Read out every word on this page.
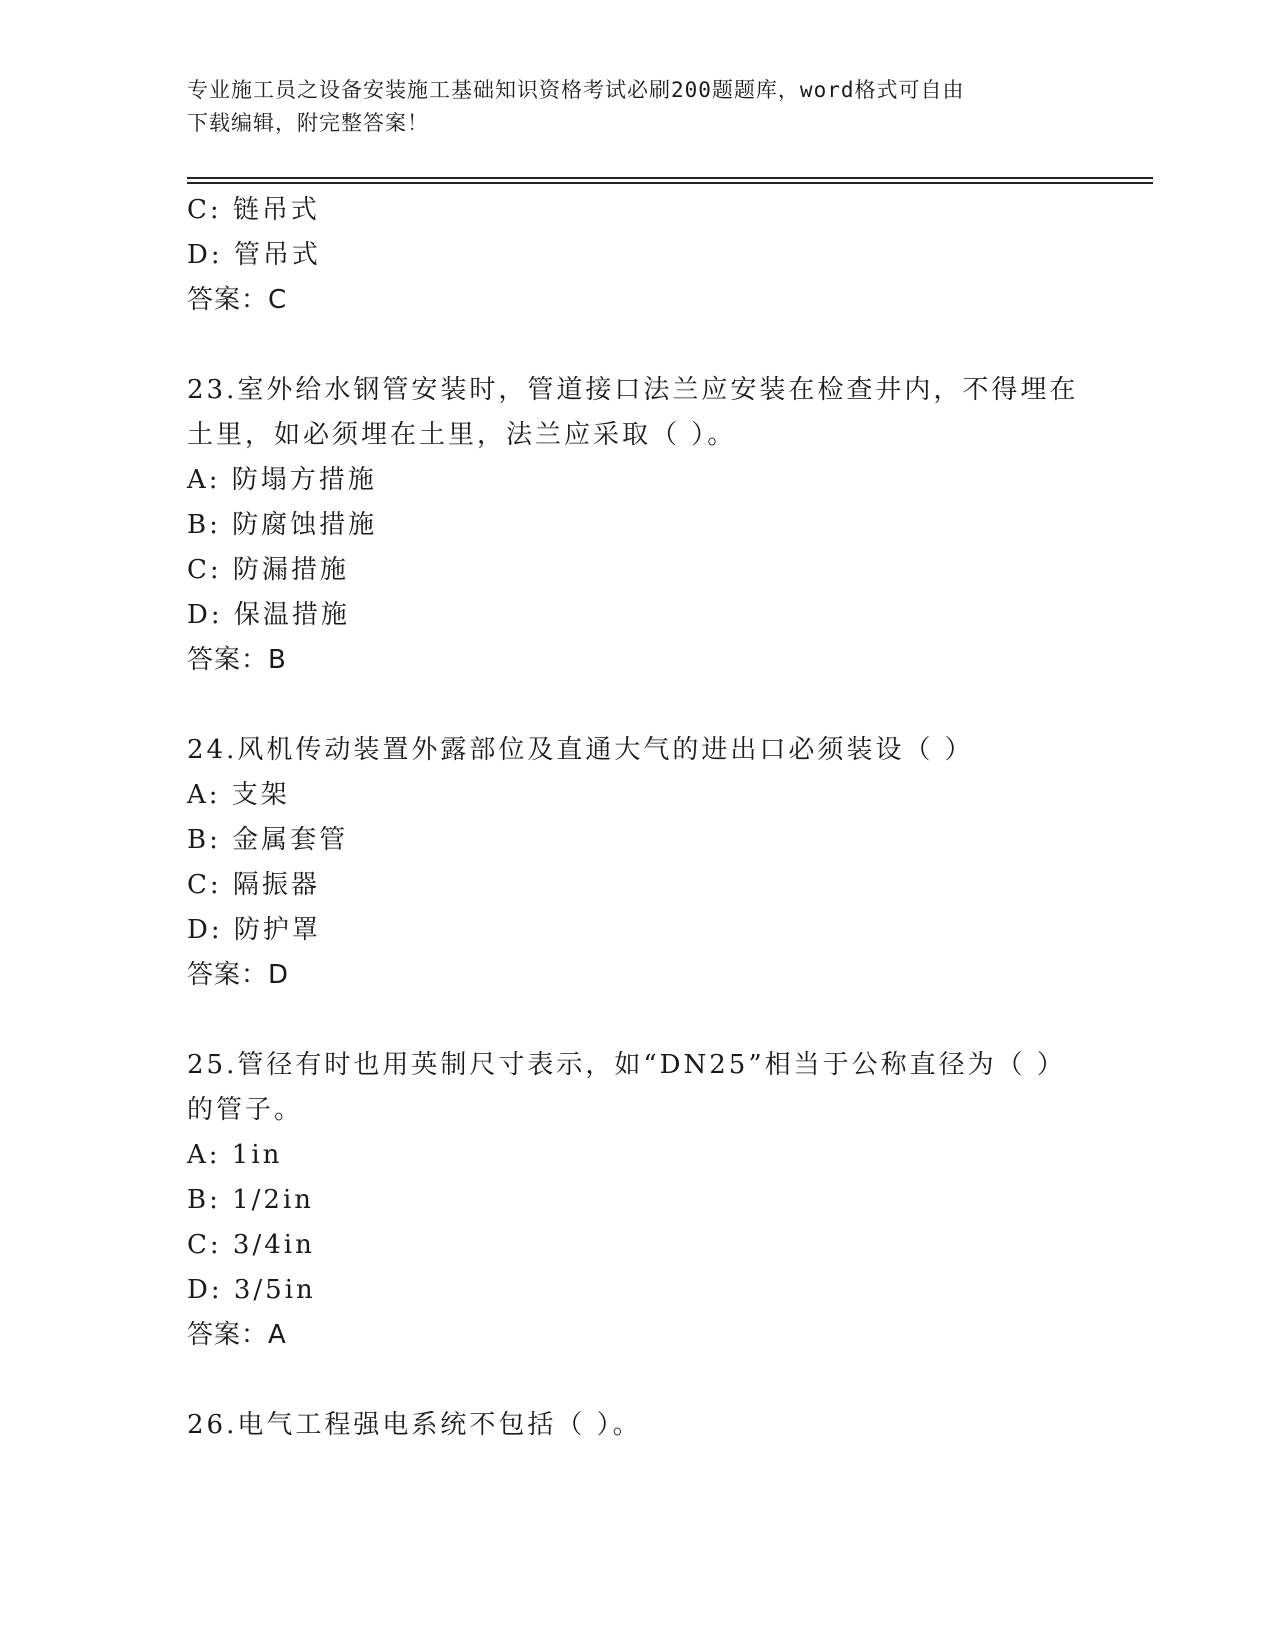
专业施工员之设备安装施工基础知识资格考试必刷200题题库，word格式可自由
下载编辑，附完整答案！
C: 链吊式
D: 管吊式
答案：C
23.室外给水钢管安装时，管道接口法兰应安装在检查井内，不得埋在
土里，如必须埋在土里，法兰应采取（ ）。
A: 防塌方措施
B: 防腐蚀措施
C: 防漏措施
D: 保温措施
答案：B
24.风机传动装置外露部位及直通大气的进出口必须装设（ ）
A: 支架
B: 金属套管
C: 隔振器
D: 防护罩
答案：D
25.管径有时也用英制尺寸表示，如“DN25”相当于公称直径为（ ）
的管子。
A: 1in
B: 1/2in
C: 3/4in
D: 3/5in
答案：A
26.电气工程强电系统不包括（ ）。
